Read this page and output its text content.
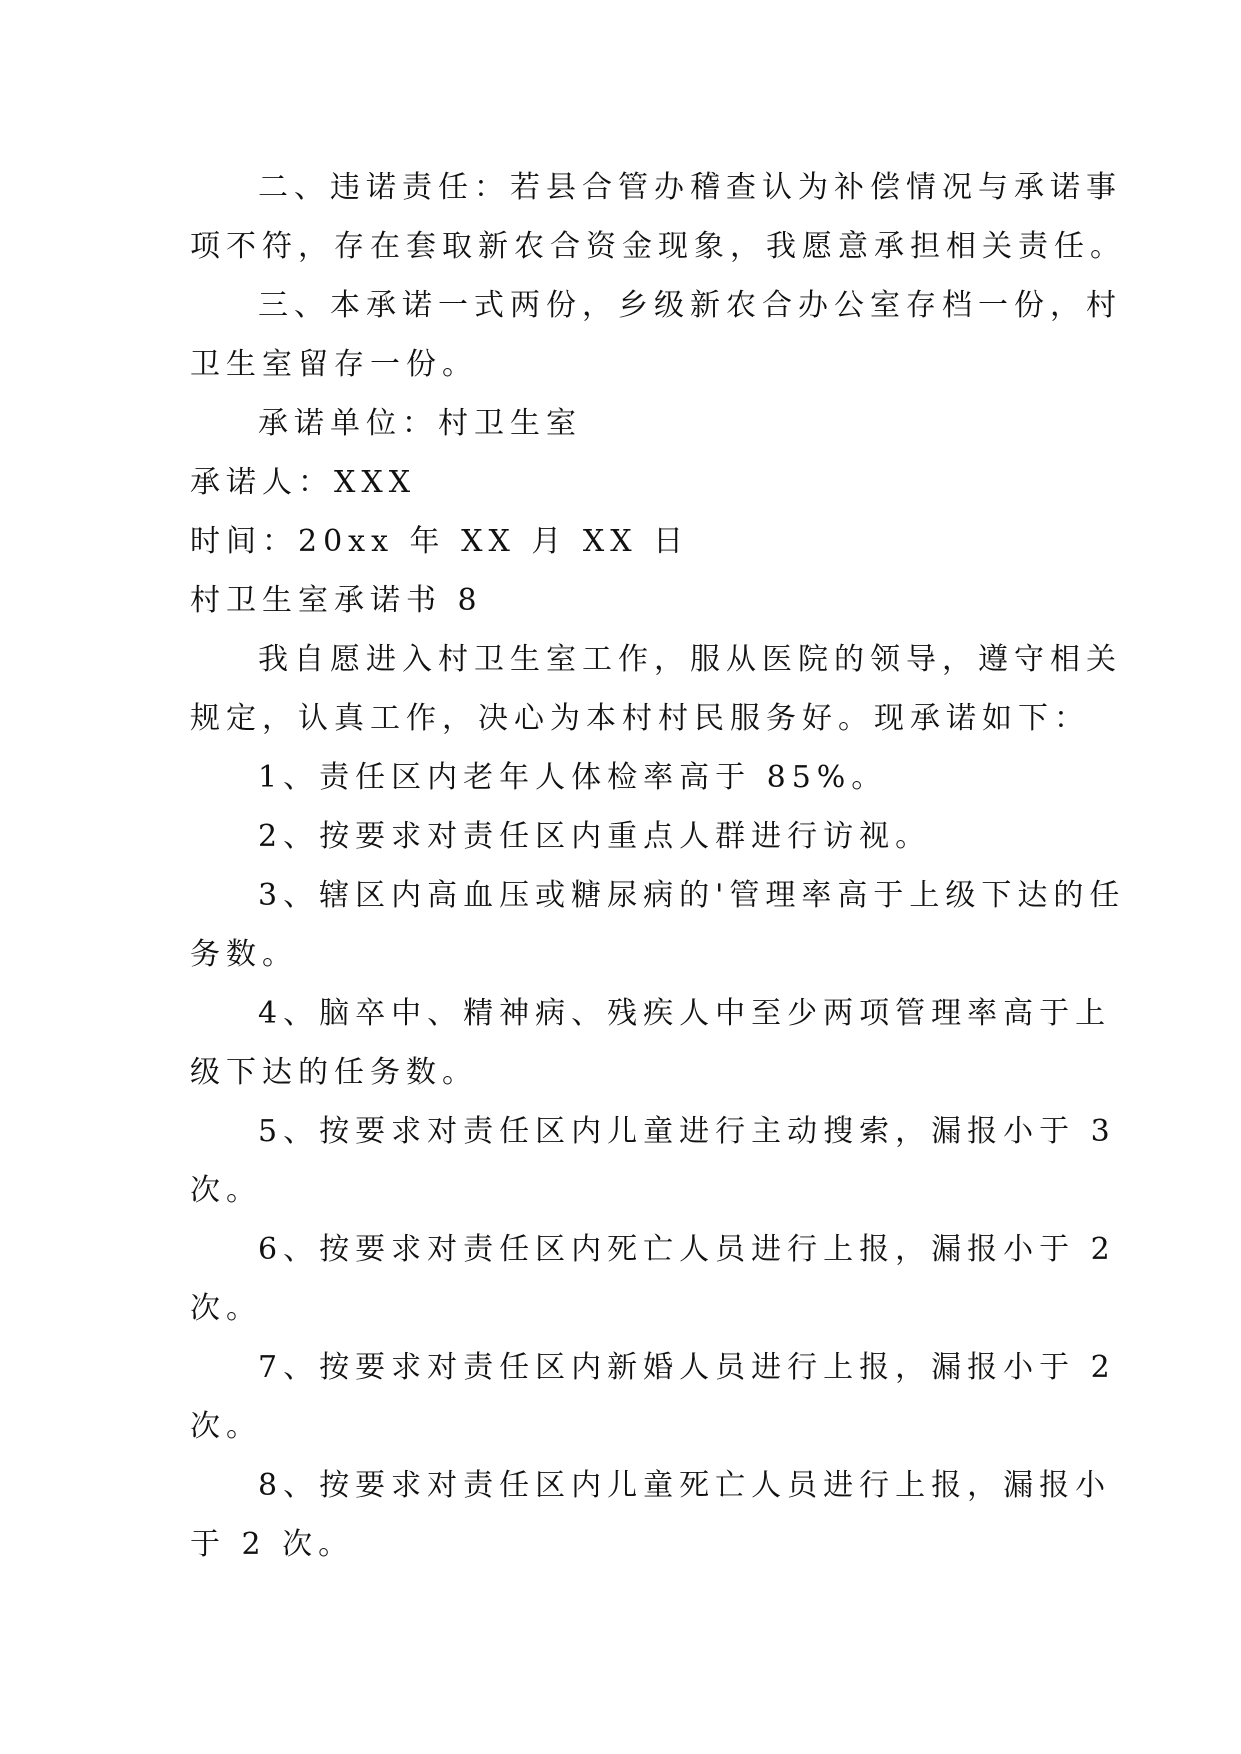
二、违诺责任：若县合管办稽查认为补偿情况与承诺事
项不符，存在套取新农合资金现象，我愿意承担相关责任。
三、本承诺一式两份，乡级新农合办公室存档一份，村
卫生室留存一份。
承诺单位：村卫生室
承诺人：XXX
时间：20xx 年 XX 月 XX 日
村卫生室承诺书 8
我自愿进入村卫生室工作，服从医院的领导，遵守相关
规定，认真工作，决心为本村村民服务好。现承诺如下：
1、责任区内老年人体检率高于 85%。
2、按要求对责任区内重点人群进行访视。
3、辖区内高血压或糖尿病的'管理率高于上级下达的任
务数。
4、脑卒中、精神病、残疾人中至少两项管理率高于上
级下达的任务数。
5、按要求对责任区内儿童进行主动搜索，漏报小于 3
次。
6、按要求对责任区内死亡人员进行上报，漏报小于 2
次。
7、按要求对责任区内新婚人员进行上报，漏报小于 2
次。
8、按要求对责任区内儿童死亡人员进行上报，漏报小
于 2 次。
